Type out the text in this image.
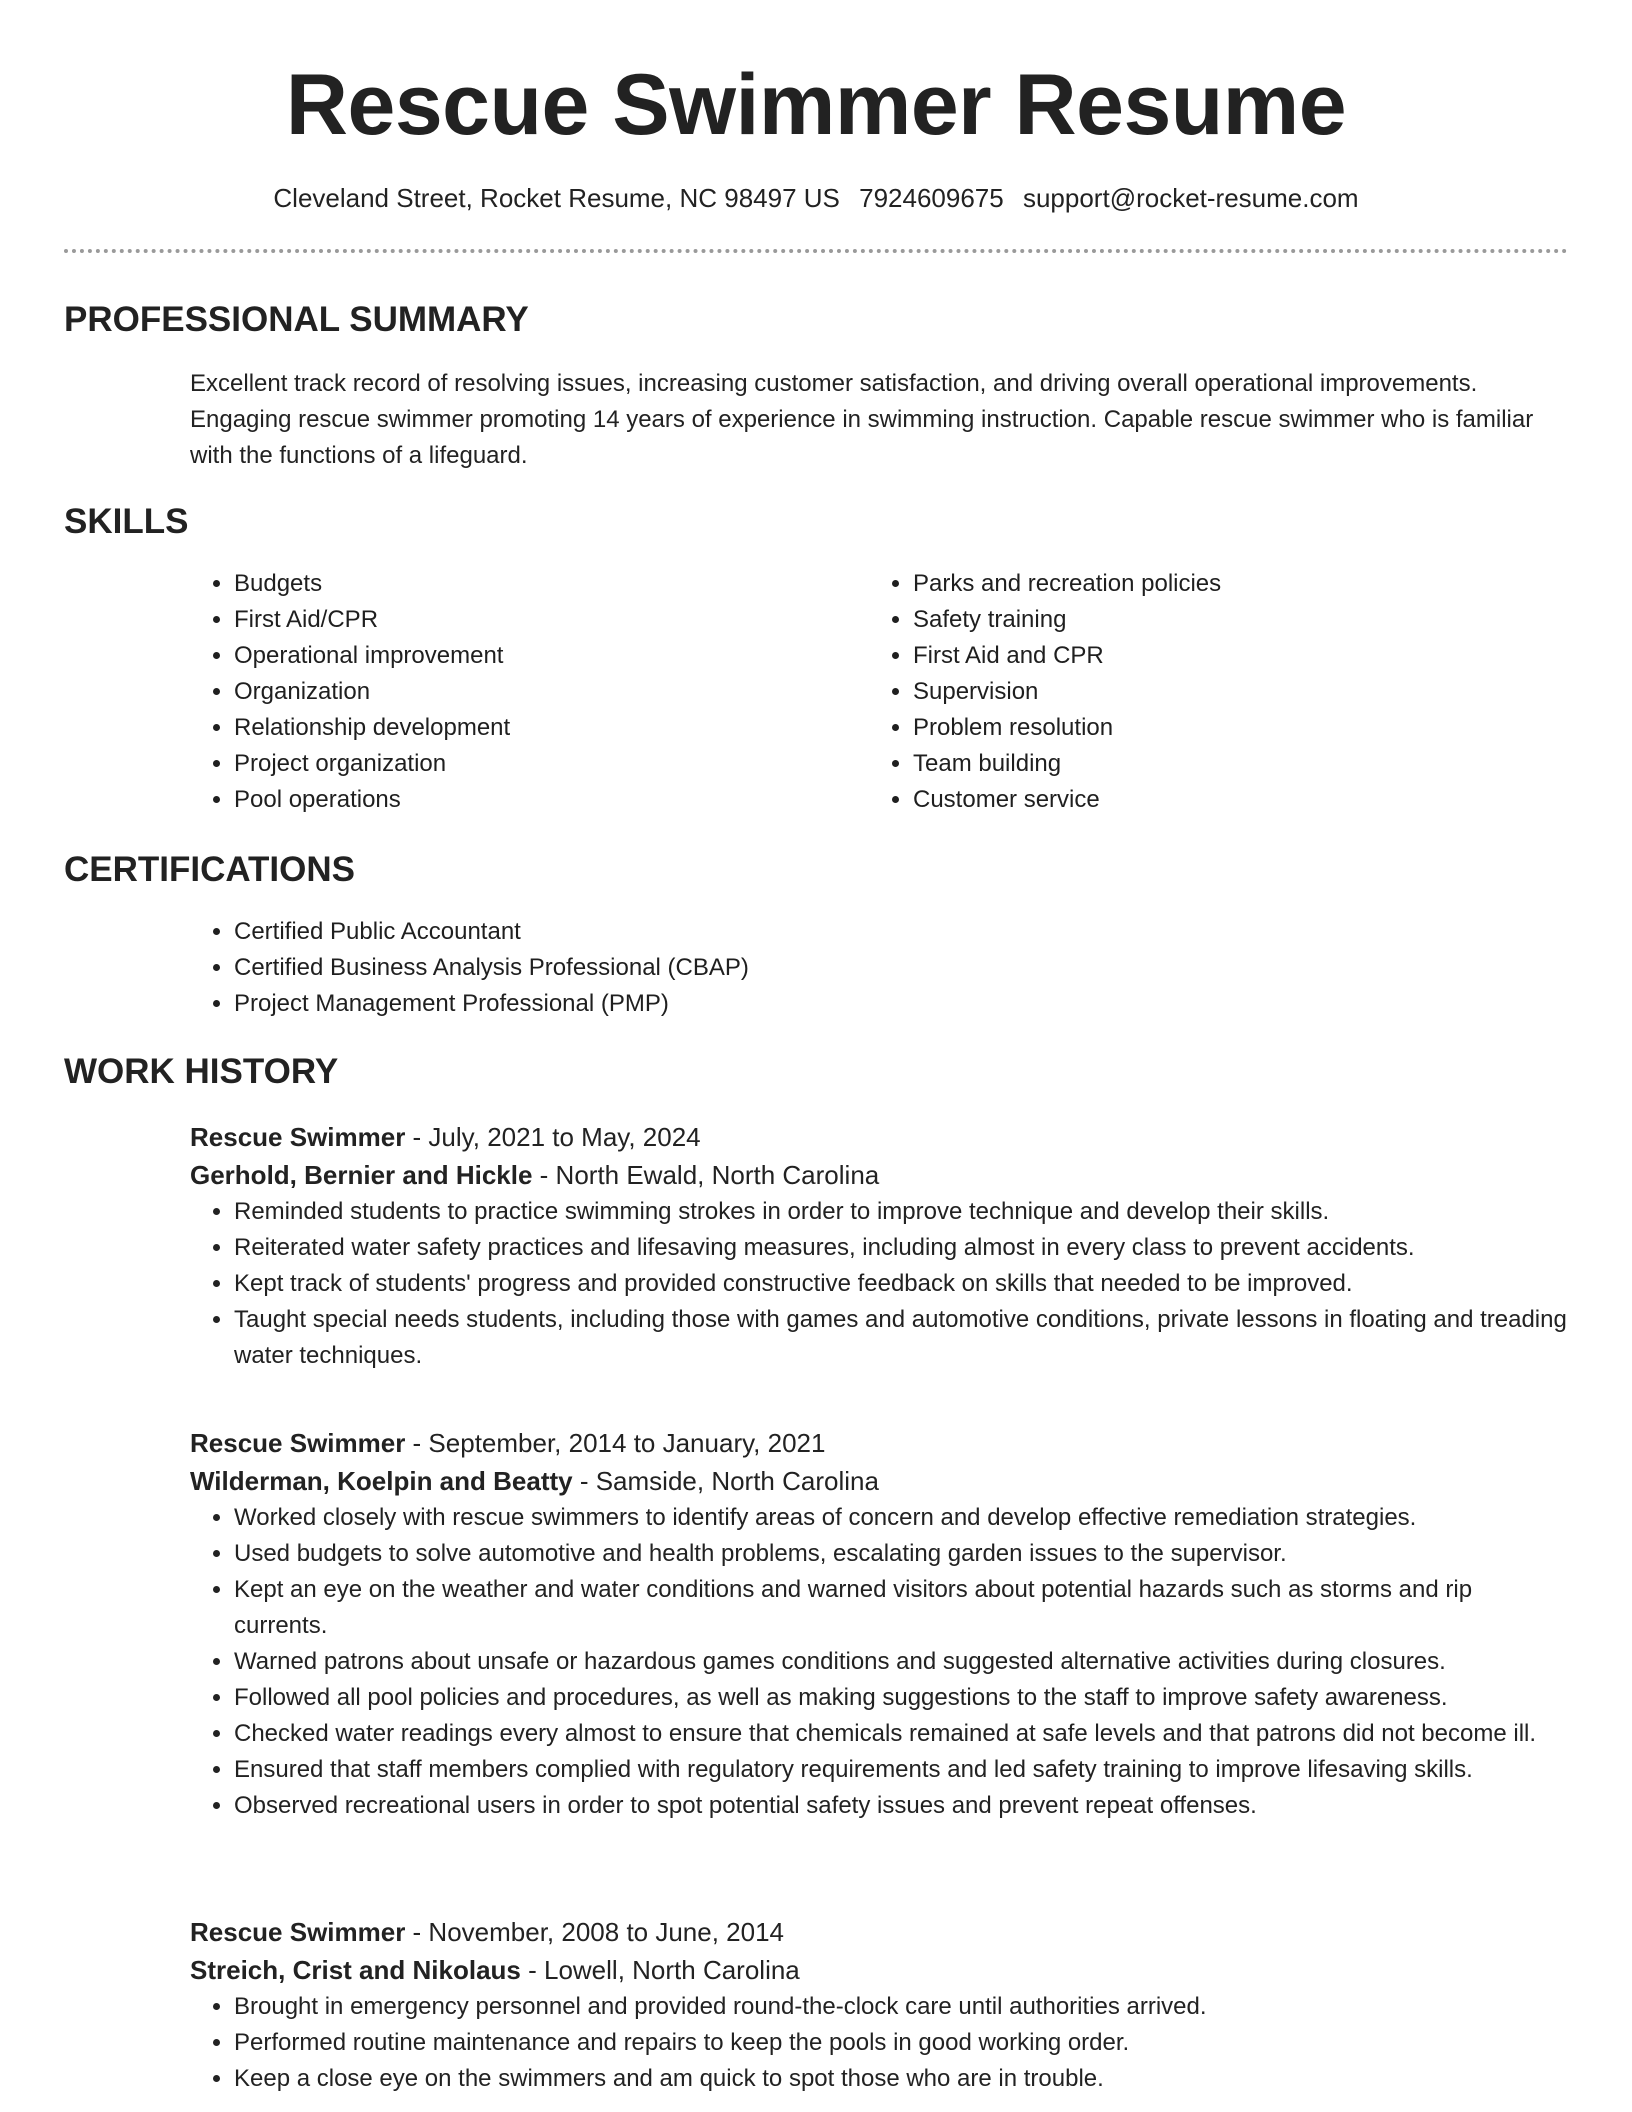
Rescue Swimmer Resume
Cleveland Street, Rocket Resume, NC 98497 US 7924609675 support@rocket-resume.com
PROFESSIONAL SUMMARY
Excellent track record of resolving issues, increasing customer satisfaction, and driving overall operational improvements. Engaging rescue swimmer promoting 14 years of experience in swimming instruction. Capable rescue swimmer who is familiar with the functions of a lifeguard.
SKILLS
• Budgets
• First Aid/CPR
• Operational improvement
• Organization
• Relationship development
• Project organization
• Pool operations
• Parks and recreation policies
• Safety training
• First Aid and CPR
• Supervision
• Problem resolution
• Team building
• Customer service
CERTIFICATIONS
• Certified Public Accountant
• Certified Business Analysis Professional (CBAP)
• Project Management Professional (PMP)
WORK HISTORY
Rescue Swimmer - July, 2021 to May, 2024
Gerhold, Bernier and Hickle - North Ewald, North Carolina
• Reminded students to practice swimming strokes in order to improve technique and develop their skills.
• Reiterated water safety practices and lifesaving measures, including almost in every class to prevent accidents.
• Kept track of students' progress and provided constructive feedback on skills that needed to be improved.
• Taught special needs students, including those with games and automotive conditions, private lessons in floating and treading water techniques.
Rescue Swimmer - September, 2014 to January, 2021
Wilderman, Koelpin and Beatty - Samside, North Carolina
• Worked closely with rescue swimmers to identify areas of concern and develop effective remediation strategies.
• Used budgets to solve automotive and health problems, escalating garden issues to the supervisor.
• Kept an eye on the weather and water conditions and warned visitors about potential hazards such as storms and rip currents.
• Warned patrons about unsafe or hazardous games conditions and suggested alternative activities during closures.
• Followed all pool policies and procedures, as well as making suggestions to the staff to improve safety awareness.
• Checked water readings every almost to ensure that chemicals remained at safe levels and that patrons did not become ill.
• Ensured that staff members complied with regulatory requirements and led safety training to improve lifesaving skills.
• Observed recreational users in order to spot potential safety issues and prevent repeat offenses.
Rescue Swimmer - November, 2008 to June, 2014
Streich, Crist and Nikolaus - Lowell, North Carolina
• Brought in emergency personnel and provided round-the-clock care until authorities arrived.
• Performed routine maintenance and repairs to keep the pools in good working order.
• Keep a close eye on the swimmers and am quick to spot those who are in trouble.
